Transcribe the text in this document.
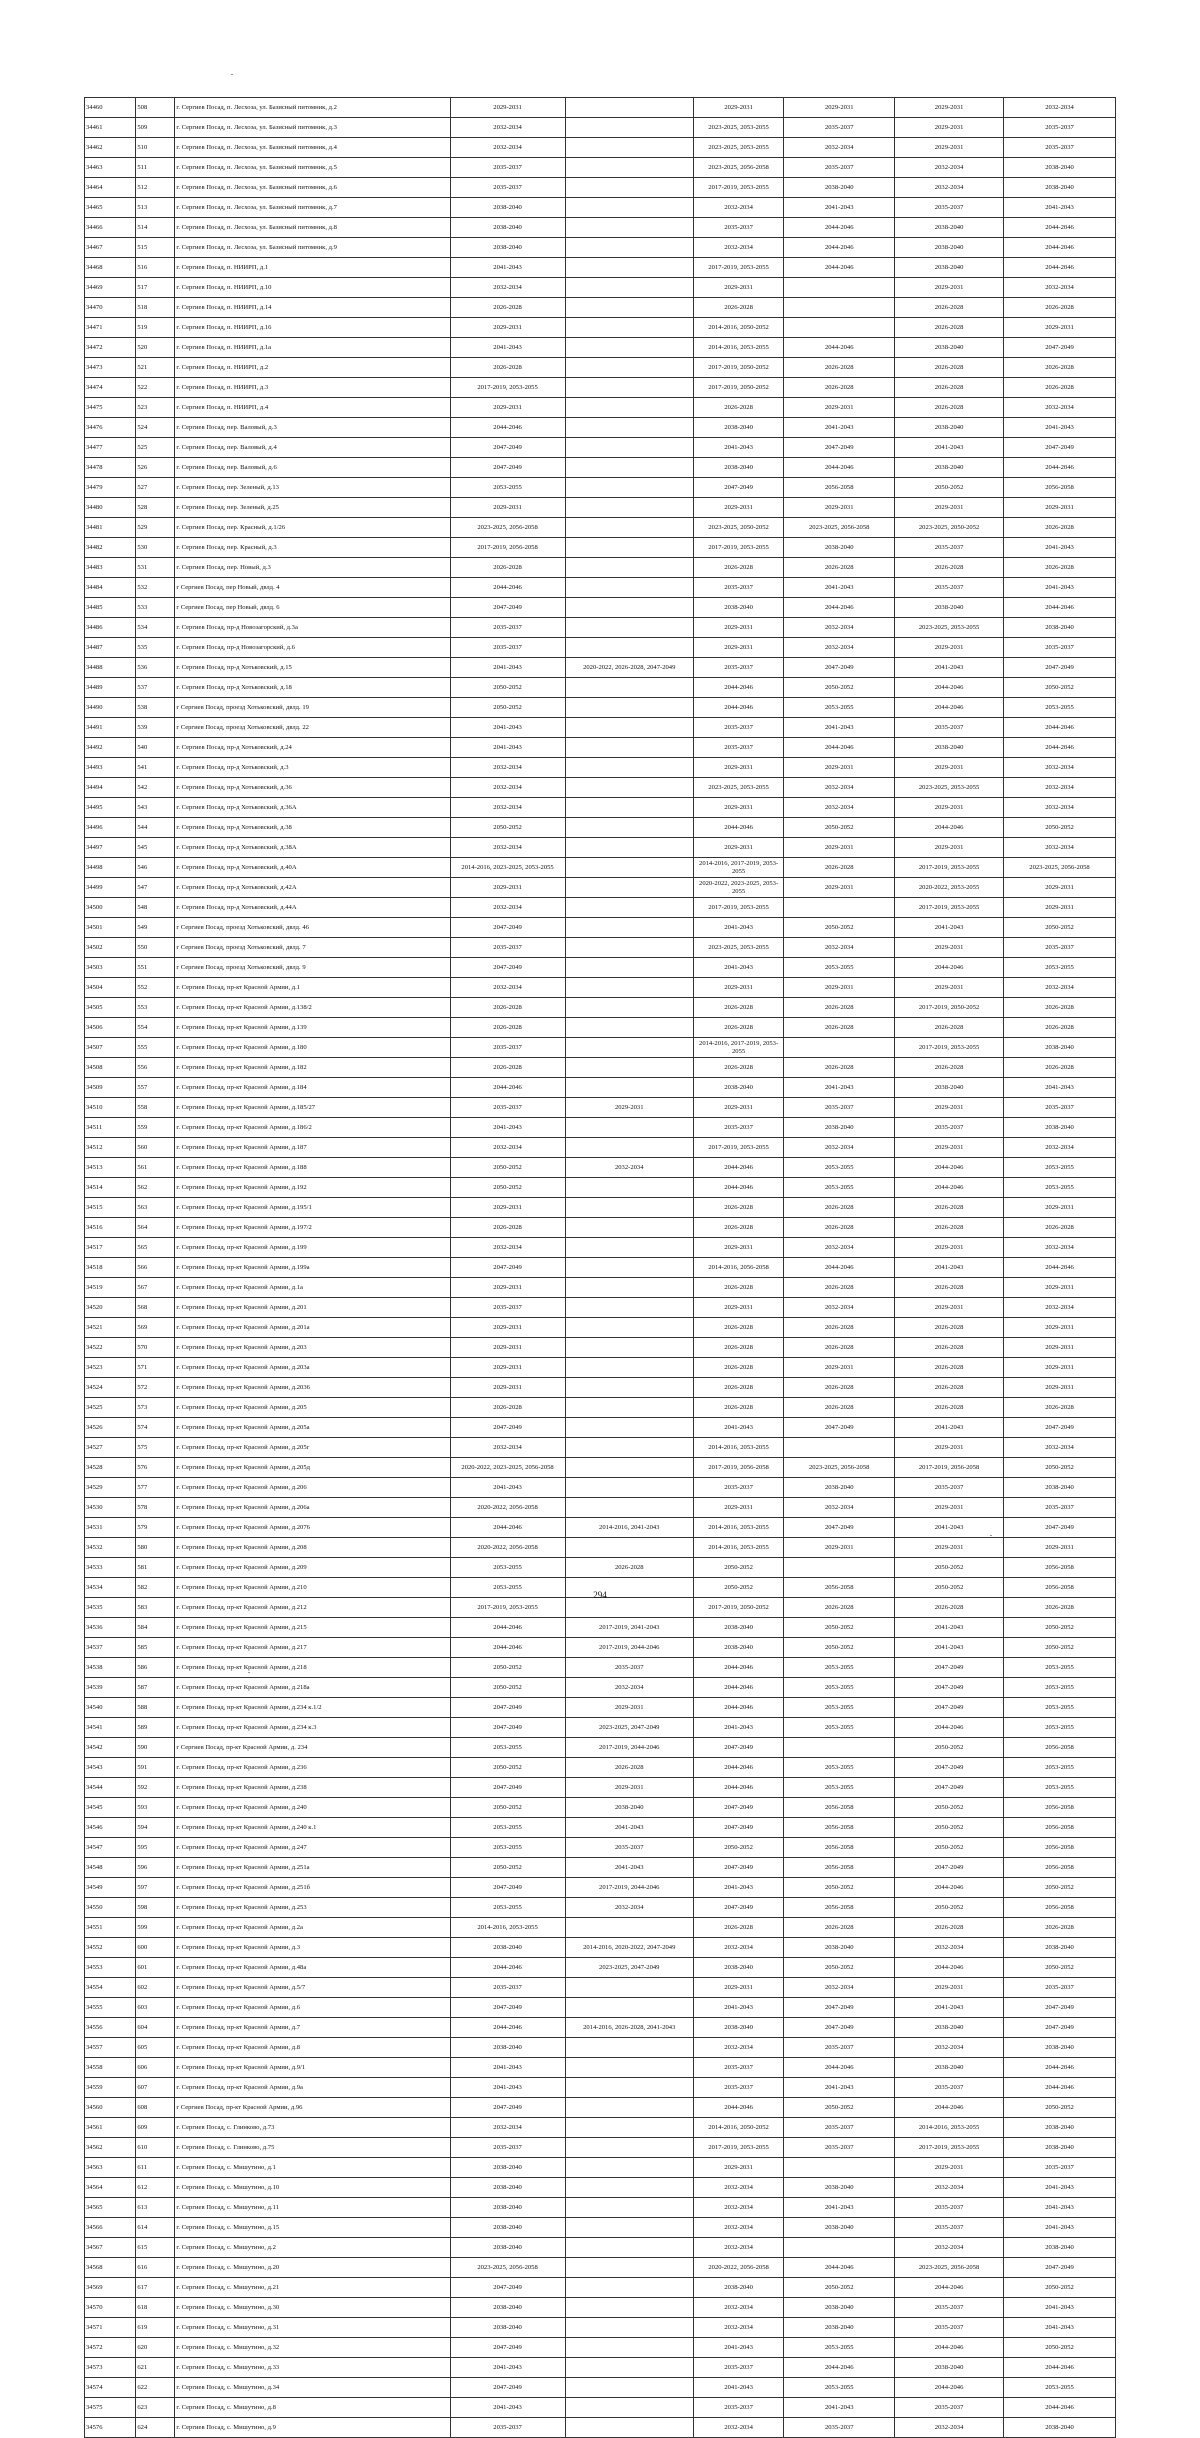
34460	508	г. Сергиев Посад, п. Лесхоза, ул. Базисный питомник, д.2	2029-2031		2029-2031	2029-2031	2029-2031	2032-2034
34461	509	г. Сергиев Посад, п. Лесхоза, ул. Базисный питомник, д.3	2032-2034		2023-2025, 2053-2055	2035-2037	2029-2031	2035-2037
34462	510	г. Сергиев Посад, п. Лесхоза, ул. Базисный питомник, д.4	2032-2034		2023-2025, 2053-2055	2032-2034	2029-2031	2035-2037
34463	511	г. Сергиев Посад, п. Лесхоза, ул. Базисный питомник, д.5	2035-2037		2023-2025, 2056-2058	2035-2037	2032-2034	2038-2040
34464	512	г. Сергиев Посад, п. Лесхоза, ул. Базисный питомник, д.6	2035-2037		2017-2019, 2053-2055	2038-2040	2032-2034	2038-2040
34465	513	г. Сергиев Посад, п. Лесхоза, ул. Базисный питомник, д.7	2038-2040		2032-2034	2041-2043	2035-2037	2041-2043
34466	514	г. Сергиев Посад, п. Лесхоза, ул. Базисный питомник, д.8	2038-2040		2035-2037	2044-2046	2038-2040	2044-2046
34467	515	г. Сергиев Посад, п. Лесхоза, ул. Базисный питомник, д.9	2038-2040		2032-2034	2044-2046	2038-2040	2044-2046
34468	516	г. Сергиев Посад, п. НИИРП, д.1	2041-2043		2017-2019, 2053-2055	2044-2046	2038-2040	2044-2046
34469	517	г. Сергиев Посад, п. НИИРП, д.10	2032-2034		2029-2031		2029-2031	2032-2034
34470	518	г. Сергиев Посад, п. НИИРП, д.14	2026-2028		2026-2028		2026-2028	2026-2028
34471	519	г. Сергиев Посад, п. НИИРП, д.16	2029-2031		2014-2016, 2050-2052		2026-2028	2029-2031
34472	520	г. Сергиев Посад, п. НИИРП, д.1а	2041-2043		2014-2016, 2053-2055	2044-2046	2038-2040	2047-2049
34473	521	г. Сергиев Посад, п. НИИРП, д.2	2026-2028		2017-2019, 2050-2052	2026-2028	2026-2028	2026-2028
34474	522	г. Сергиев Посад, п. НИИРП, д.3	2017-2019, 2053-2055		2017-2019, 2050-2052	2026-2028	2026-2028	2026-2028
34475	523	г. Сергиев Посад, п. НИИРП, д.4	2029-2031		2026-2028	2029-2031	2026-2028	2032-2034
34476	524	г. Сергиев Посад, пер. Валовый, д.3	2044-2046		2038-2040	2041-2043	2038-2040	2041-2043
34477	525	г. Сергиев Посад, пер. Валовый, д.4	2047-2049		2041-2043	2047-2049	2041-2043	2047-2049
34478	526	г. Сергиев Посад, пер. Валовый, д.6	2047-2049		2038-2040	2044-2046	2038-2040	2044-2046
34479	527	г. Сергиев Посад, пер. Зеленый, д.13	2053-2055		2047-2049	2056-2058	2050-2052	2056-2058
34480	528	г. Сергиев Посад, пер. Зеленый, д.25	2029-2031		2029-2031	2029-2031	2029-2031	2029-2031
34481	529	г. Сергиев Посад, пер. Красный, д.1/26	2023-2025, 2056-2058		2023-2025, 2050-2052	2023-2025, 2056-2058	2023-2025, 2050-2052	2026-2028
34482	530	г. Сергиев Посад, пер. Красный, д.3	2017-2019, 2056-2058		2017-2019, 2053-2055	2038-2040	2035-2037	2041-2043
34483	531	г. Сергиев Посад, пер. Новый, д.3	2026-2028		2026-2028	2026-2028	2026-2028	2026-2028
34484	532	г Сергиев Посад, пер Новый, двлд. 4	2044-2046		2035-2037	2041-2043	2035-2037	2041-2043
34485	533	г Сергиев Посад, пер Новый, двлд. 6	2047-2049		2038-2040	2044-2046	2038-2040	2044-2046
34486	534	г. Сергиев Посад, пр-д Новозагорский, д.3а	2035-2037		2029-2031	2032-2034	2023-2025, 2053-2055	2038-2040
34487	535	г. Сергиев Посад, пр-д Новозагорский, д.6	2035-2037		2029-2031	2032-2034	2029-2031	2035-2037
34488	536	г. Сергиев Посад, пр-д Хотьковский, д.15	2041-2043	2020-2022, 2026-2028, 2047-2049	2035-2037	2047-2049	2041-2043	2047-2049
34489	537	г. Сергиев Посад, пр-д Хотьковский, д.18	2050-2052		2044-2046	2050-2052	2044-2046	2050-2052
34490	538	г Сергиев Посад, проезд Хотьковский, двлд. 19	2050-2052		2044-2046	2053-2055	2044-2046	2053-2055
34491	539	г Сергиев Посад, проезд Хотьковский, двлд. 22	2041-2043		2035-2037	2041-2043	2035-2037	2044-2046
34492	540	г. Сергиев Посад, пр-д Хотьковский, д.24	2041-2043		2035-2037	2044-2046	2038-2040	2044-2046
34493	541	г. Сергиев Посад, пр-д Хотьковский, д.3	2032-2034		2029-2031	2029-2031	2029-2031	2032-2034
34494	542	г. Сергиев Посад, пр-д Хотьковский, д.36	2032-2034		2023-2025, 2053-2055	2032-2034	2023-2025, 2053-2055	2032-2034
34495	543	г. Сергиев Посад, пр-д Хотьковский, д.36А	2032-2034		2029-2031	2032-2034	2029-2031	2032-2034
34496	544	г. Сергиев Посад, пр-д Хотьковский, д.38	2050-2052		2044-2046	2050-2052	2044-2046	2050-2052
34497	545	г. Сергиев Посад, пр-д Хотьковский, д.38А	2032-2034		2029-2031	2029-2031	2029-2031	2032-2034
34498	546	г. Сергиев Посад, пр-д Хотьковский, д.40А	2014-2016, 2023-2025, 2053-2055		2014-2016, 2017-2019, 2053-2055	2026-2028	2017-2019, 2053-2055	2023-2025, 2056-2058
34499	547	г. Сергиев Посад, пр-д Хотьковский, д.42А	2029-2031		2020-2022, 2023-2025, 2053-2055	2029-2031	2020-2022, 2053-2055	2029-2031
34500	548	г. Сергиев Посад, пр-д Хотьковский, д.44А	2032-2034		2017-2019, 2053-2055		2017-2019, 2053-2055	2029-2031
34501	549	г Сергиев Посад, проезд Хотьковский, двлд. 46	2047-2049		2041-2043	2050-2052	2041-2043	2050-2052
34502	550	г Сергиев Посад, проезд Хотьковский, двлд. 7	2035-2037		2023-2025, 2053-2055	2032-2034	2029-2031	2035-2037
34503	551	г Сергиев Посад, проезд Хотьковский, двлд. 9	2047-2049		2041-2043	2053-2055	2044-2046	2053-2055
34504	552	г. Сергиев Посад, пр-кт Красной Армии, д.1	2032-2034		2029-2031	2029-2031	2029-2031	2032-2034
34505	553	г. Сергиев Посад, пр-кт Красной Армии, д.138/2	2026-2028		2026-2028	2026-2028	2017-2019, 2050-2052	2026-2028
34506	554	г. Сергиев Посад, пр-кт Красной Армии, д.139	2026-2028		2026-2028	2026-2028	2026-2028	2026-2028
34507	555	г. Сергиев Посад, пр-кт Красной Армии, д.180	2035-2037		2014-2016, 2017-2019, 2053-2055		2017-2019, 2053-2055	2038-2040
34508	556	г. Сергиев Посад, пр-кт Красной Армии, д.182	2026-2028		2026-2028	2026-2028	2026-2028	2026-2028
34509	557	г. Сергиев Посад, пр-кт Красной Армии, д.184	2044-2046		2038-2040	2041-2043	2038-2040	2041-2043
34510	558	г. Сергиев Посад, пр-кт Красной Армии, д.185/27	2035-2037	2029-2031	2029-2031	2035-2037	2029-2031	2035-2037
34511	559	г. Сергиев Посад, пр-кт Красной Армии, д.186/2	2041-2043		2035-2037	2038-2040	2035-2037	2038-2040
34512	560	г. Сергиев Посад, пр-кт Красной Армии, д.187	2032-2034		2017-2019, 2053-2055	2032-2034	2029-2031	2032-2034
34513	561	г. Сергиев Посад, пр-кт Красной Армии, д.188	2050-2052	2032-2034	2044-2046	2053-2055	2044-2046	2053-2055
34514	562	г. Сергиев Посад, пр-кт Красной Армии, д.192	2050-2052		2044-2046	2053-2055	2044-2046	2053-2055
34515	563	г. Сергиев Посад, пр-кт Красной Армии, д.195/1	2029-2031		2026-2028	2026-2028	2026-2028	2029-2031
34516	564	г. Сергиев Посад, пр-кт Красной Армии, д.197/2	2026-2028		2026-2028	2026-2028	2026-2028	2026-2028
34517	565	г. Сергиев Посад, пр-кт Красной Армии, д.199	2032-2034		2029-2031	2032-2034	2029-2031	2032-2034
34518	566	г. Сергиев Посад, пр-кт Красной Армии, д.199а	2047-2049		2014-2016, 2056-2058	2044-2046	2041-2043	2044-2046
34519	567	г. Сергиев Посад, пр-кт Красной Армии, д.1а	2029-2031		2026-2028	2026-2028	2026-2028	2029-2031
34520	568	г. Сергиев Посад, пр-кт Красной Армии, д.201	2035-2037		2029-2031	2032-2034	2029-2031	2032-2034
34521	569	г. Сергиев Посад, пр-кт Красной Армии, д.201а	2029-2031		2026-2028	2026-2028	2026-2028	2029-2031
34522	570	г. Сергиев Посад, пр-кт Красной Армии, д.203	2029-2031		2026-2028	2026-2028	2026-2028	2029-2031
34523	571	г. Сергиев Посад, пр-кт Красной Армии, д.203а	2029-2031		2026-2028	2029-2031	2026-2028	2029-2031
34524	572	г. Сергиев Посад, пр-кт Красной Армии, д.2036	2029-2031		2026-2028	2026-2028	2026-2028	2029-2031
34525	573	г. Сергиев Посад, пр-кт Красной Армии, д.205	2026-2028		2026-2028	2026-2028	2026-2028	2026-2028
34526	574	г. Сергиев Посад, пр-кт Красной Армии, д.205а	2047-2049		2041-2043	2047-2049	2041-2043	2047-2049
34527	575	г. Сергиев Посад, пр-кт Красной Армии, д.205г	2032-2034		2014-2016, 2053-2055		2029-2031	2032-2034
34528	576	г. Сергиев Посад, пр-кт Красной Армии, д.205д	2020-2022, 2023-2025, 2056-2058		2017-2019, 2056-2058	2023-2025, 2056-2058	2017-2019, 2056-2058	2050-2052
34529	577	г. Сергиев Посад, пр-кт Красной Армии, д.206	2041-2043		2035-2037	2038-2040	2035-2037	2038-2040
34530	578	г. Сергиев Посад, пр-кт Красной Армии, д.206а	2020-2022, 2056-2058		2029-2031	2032-2034	2029-2031	2035-2037
34531	579	г. Сергиев Посад, пр-кт Красной Армии, д.2076	2044-2046	2014-2016, 2041-2043	2014-2016, 2053-2055	2047-2049	2041-2043	2047-2049
34532	580	г. Сергиев Посад, пр-кт Красной Армии, д.208	2020-2022, 2056-2058		2014-2016, 2053-2055	2029-2031	2029-2031	2029-2031
34533	581	г. Сергиев Посад, пр-кт Красной Армии, д.209	2053-2055	2026-2028	2050-2052		2050-2052	2056-2058
34534	582	г. Сергиев Посад, пр-кт Красной Армии, д.210	2053-2055		2050-2052	2056-2058	2050-2052	2056-2058
34535	583	г. Сергиев Посад, пр-кт Красной Армии, д.212	2017-2019, 2053-2055		2017-2019, 2050-2052	2026-2028	2026-2028	2026-2028
34536	584	г. Сергиев Посад, пр-кт Красной Армии, д.215	2044-2046	2017-2019, 2041-2043	2038-2040	2050-2052	2041-2043	2050-2052
34537	585	г. Сергиев Посад, пр-кт Красной Армии, д.217	2044-2046	2017-2019, 2044-2046	2038-2040	2050-2052	2041-2043	2050-2052
34538	586	г. Сергиев Посад, пр-кт Красной Армии, д.218	2050-2052	2035-2037	2044-2046	2053-2055	2047-2049	2053-2055
34539	587	г. Сергиев Посад, пр-кт Красной Армии, д.218а	2050-2052	2032-2034	2044-2046	2053-2055	2047-2049	2053-2055
34540	588	г. Сергиев Посад, пр-кт Красной Армии, д.234 к.1/2	2047-2049	2029-2031	2044-2046	2053-2055	2047-2049	2053-2055
34541	589	г. Сергиев Посад, пр-кт Красной Армии, д.234 к.3	2047-2049	2023-2025, 2047-2049	2041-2043	2053-2055	2044-2046	2053-2055
34542	590	г Сергиев Посад, пр-кт Красной Армии, д. 234	2053-2055	2017-2019, 2044-2046	2047-2049		2050-2052	2056-2058
34543	591	г. Сергиев Посад, пр-кт Красной Армии, д.236	2050-2052	2026-2028	2044-2046	2053-2055	2047-2049	2053-2055
34544	592	г. Сергиев Посад, пр-кт Красной Армии, д.238	2047-2049	2029-2031	2044-2046	2053-2055	2047-2049	2053-2055
34545	593	г. Сергиев Посад, пр-кт Красной Армии, д.240	2050-2052	2038-2040	2047-2049	2056-2058	2050-2052	2056-2058
34546	594	г. Сергиев Посад, пр-кт Красной Армии, д.240 к.1	2053-2055	2041-2043	2047-2049	2056-2058	2050-2052	2056-2058
34547	595	г. Сергиев Посад, пр-кт Красной Армии, д.247	2053-2055	2035-2037	2050-2052	2056-2058	2050-2052	2056-2058
34548	596	г. Сергиев Посад, пр-кт Красной Армии, д.251а	2050-2052	2041-2043	2047-2049	2056-2058	2047-2049	2056-2058
34549	597	г. Сергиев Посад, пр-кт Красной Армии, д.251б	2047-2049	2017-2019, 2044-2046	2041-2043	2050-2052	2044-2046	2050-2052
34550	598	г. Сергиев Посад, пр-кт Красной Армии, д.253	2053-2055	2032-2034	2047-2049	2056-2058	2050-2052	2056-2058
34551	599	г. Сергиев Посад, пр-кт Красной Армии, д.2а	2014-2016, 2053-2055		2026-2028	2026-2028	2026-2028	2026-2028
34552	600	г. Сергиев Посад, пр-кт Красной Армии, д.3	2038-2040	2014-2016, 2020-2022, 2047-2049	2032-2034	2038-2040	2032-2034	2038-2040
34553	601	г. Сергиев Посад, пр-кт Красной Армии, д.48а	2044-2046	2023-2025, 2047-2049	2038-2040	2050-2052	2044-2046	2050-2052
34554	602	г. Сергиев Посад, пр-кт Красной Армии, д.5/7	2035-2037		2029-2031	2032-2034	2029-2031	2035-2037
34555	603	г. Сергиев Посад, пр-кт Красной Армии, д.6	2047-2049		2041-2043	2047-2049	2041-2043	2047-2049
34556	604	г. Сергиев Посад, пр-кт Красной Армии, д.7	2044-2046	2014-2016, 2026-2028, 2041-2043	2038-2040	2047-2049	2038-2040	2047-2049
34557	605	г. Сергиев Посад, пр-кт Красной Армии, д.8	2038-2040		2032-2034	2035-2037	2032-2034	2038-2040
34558	606	г. Сергиев Посад, пр-кт Красной Армии, д.9/1	2041-2043		2035-2037	2044-2046	2038-2040	2044-2046
34559	607	г. Сергиев Посад, пр-кт Красной Армии, д.9а	2041-2043		2035-2037	2041-2043	2035-2037	2044-2046
34560	608	г Сергиев Посад, пр-кт Красной Армии, д.96	2047-2049		2044-2046	2050-2052	2044-2046	2050-2052
34561	609	г. Сергиев Посад, с. Глинково, д.73	2032-2034		2014-2016, 2050-2052	2035-2037	2014-2016, 2053-2055	2038-2040
34562	610	г. Сергиев Посад, с. Глинково, д.75	2035-2037		2017-2019, 2053-2055	2035-2037	2017-2019, 2053-2055	2038-2040
34563	611	г. Сергиев Посад, с. Мишутино, д.1	2038-2040		2029-2031		2029-2031	2035-2037
34564	612	г. Сергиев Посад, с. Мишутино, д.10	2038-2040		2032-2034	2038-2040	2032-2034	2041-2043
34565	613	г. Сергиев Посад, с. Мишутино, д.11	2038-2040		2032-2034	2041-2043	2035-2037	2041-2043
34566	614	г. Сергиев Посад, с. Мишутино, д.15	2038-2040		2032-2034	2038-2040	2035-2037	2041-2043
34567	615	г. Сергиев Посад, с. Мишутино, д.2	2038-2040		2032-2034		2032-2034	2038-2040
34568	616	г. Сергиев Посад, с. Мишутино, д.20	2023-2025, 2056-2058		2020-2022, 2056-2058	2044-2046	2023-2025, 2056-2058	2047-2049
34569	617	г. Сергиев Посад, с. Мишутино, д.21	2047-2049		2038-2040	2050-2052	2044-2046	2050-2052
34570	618	г. Сергиев Посад, с. Мишутино, д.30	2038-2040		2032-2034	2038-2040	2035-2037	2041-2043
34571	619	г. Сергиев Посад, с. Мишутино, д.31	2038-2040		2032-2034	2038-2040	2035-2037	2041-2043
34572	620	г. Сергиев Посад, с. Мишутино, д.32	2047-2049		2041-2043	2053-2055	2044-2046	2050-2052
34573	621	г. Сергиев Посад, с. Мишутино, д.33	2041-2043		2035-2037	2044-2046	2038-2040	2044-2046
34574	622	г. Сергиев Посад, с. Мишутино, д.34	2047-2049		2041-2043	2053-2055	2044-2046	2053-2055
34575	623	г. Сергиев Посад, с. Мишутино, д.8	2041-2043		2035-2037	2041-2043	2035-2037	2044-2046
34576	624	г. Сергиев Посад, с. Мишутино, д.9	2035-2037		2032-2034	2035-2037	2032-2034	2038-2040
294
